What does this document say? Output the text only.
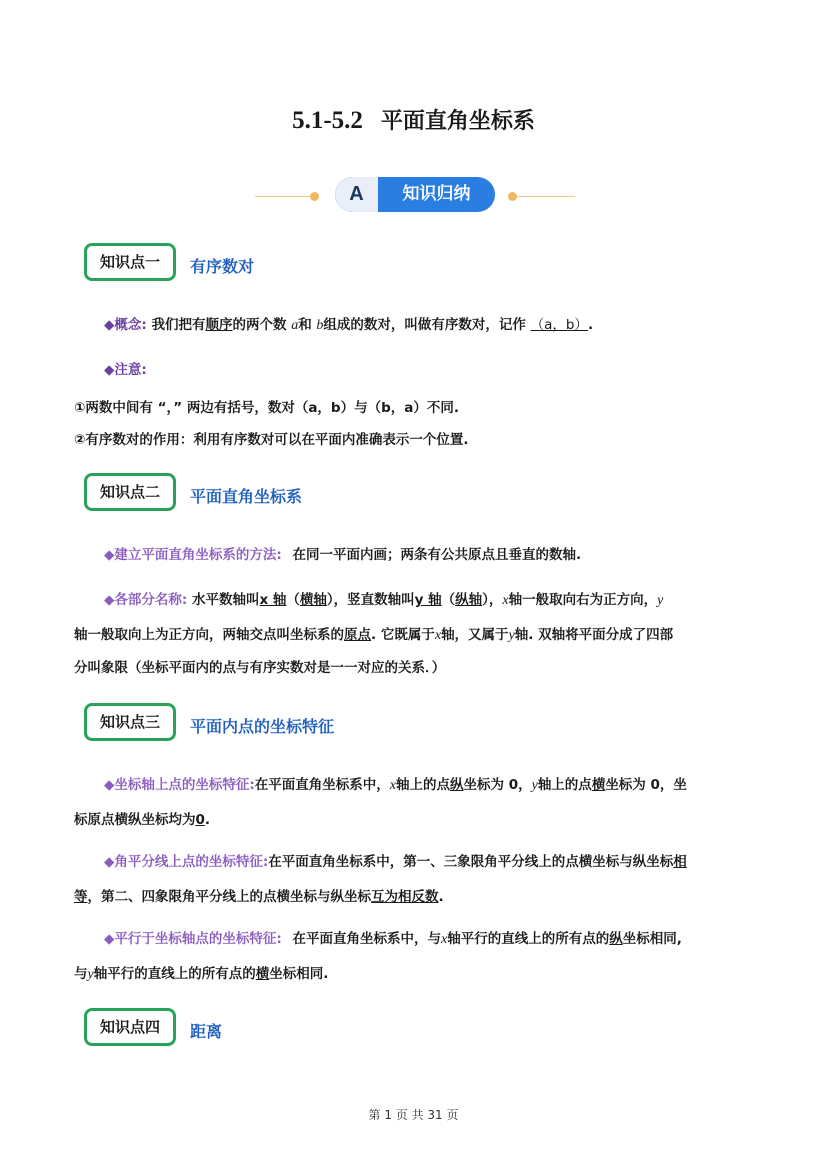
5.1-5.2 平面直角坐标系
A	知识归纳
知识点一	有序数对
◆概念: 我们把有顺序的两个数 a和 b组成的数对，叫做有序数对，记作 （a，b）.
◆注意:
①两数中间有 “，” 两边有括号，数对（a，b）与（b，a）不同.
②有序数对的作用：利用有序数对可以在平面内准确表示一个位置.
知识点二	平面直角坐标系
◆建立平面直角坐标系的方法: 在同一平面内画；两条有公共原点且垂直的数轴.
◆各部分名称: 水平数轴叫x 轴（横轴），竖直数轴叫y 轴（纵轴），x轴一般取向右为正方向，y
轴一般取向上为正方向，两轴交点叫坐标系的原点. 它既属于x轴，又属于y轴. 双轴将平面分成了四部
分叫象限（坐标平面内的点与有序实数对是一一对应的关系．）
知识点三	平面内点的坐标特征
◆坐标轴上点的坐标特征:在平面直角坐标系中，x轴上的点纵坐标为 0，y轴上的点横坐标为 0，坐
标原点横纵坐标均为0.
◆角平分线上点的坐标特征:在平面直角坐标系中，第一、三象限角平分线上的点横坐标与纵坐标相
等，第二、四象限角平分线上的点横坐标与纵坐标互为相反数.
◆平行于坐标轴点的坐标特征: 在平面直角坐标系中，与x轴平行的直线上的所有点的纵坐标相同,
与y轴平行的直线上的所有点的横坐标相同.
知识点四	距离
第 1 页 共 31 页
